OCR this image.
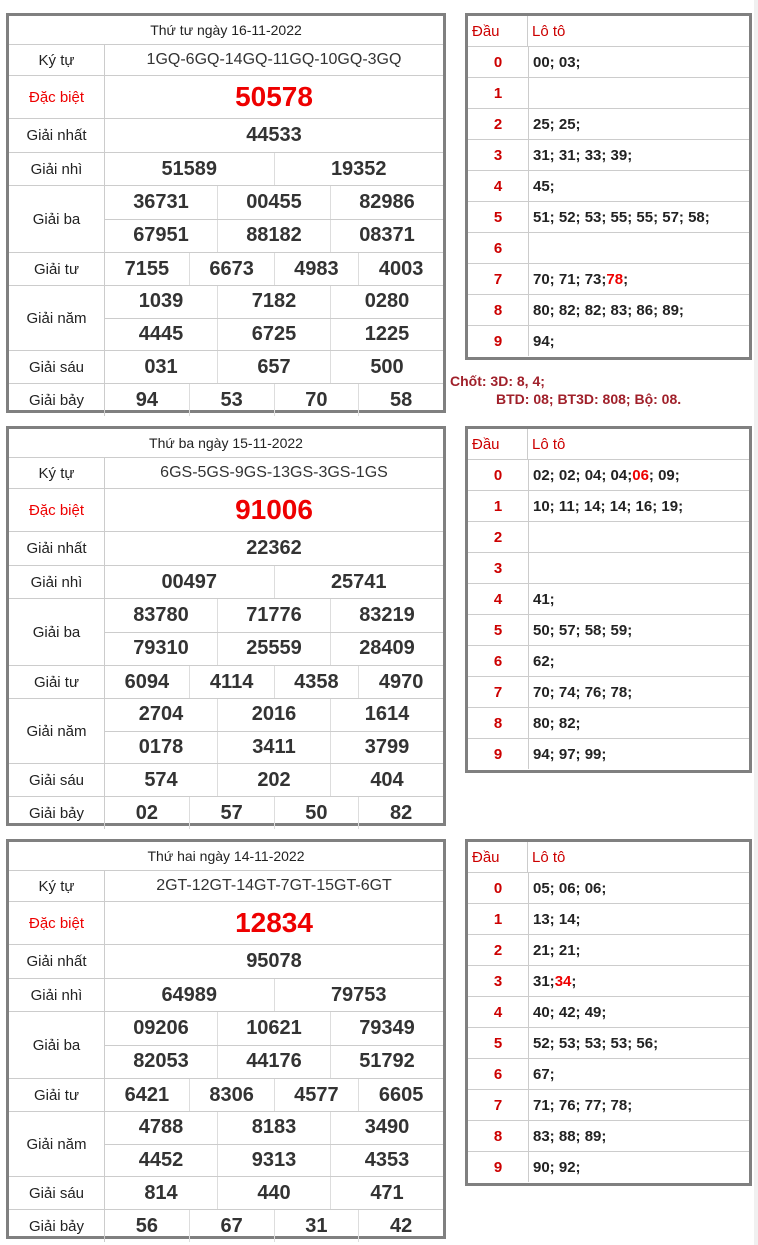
Thứ tư ngày 16-11-2022
Ký tự	1GQ-6GQ-14GQ-11GQ-10GQ-3GQ
Đặc biệt	50578
Giải nhất	44533
Giải nhì	51589	19352
Giải ba
36731	00455	82986
67951	88182	08371
Giải tư	7155	6673	4983	4003
Giải năm
1039	7182	0280
4445	6725	1225
Giải sáu	031	657	500
Giải bảy	94	53	70	58
Đầu	Lô tô
0	00; 03;
1
2	25; 25;
3	31; 31; 33; 39;
4	45;
5	51; 52; 53; 55; 55; 57; 58;
6
7	70; 71; 73; 78 ;
8	80; 82; 82; 83; 86; 89;
9	94;
Thứ ba ngày 15-11-2022
Ký tự	6GS-5GS-9GS-13GS-3GS-1GS
Đặc biệt	91006
Giải nhất	22362
Giải nhì	00497	25741
Giải ba
83780	71776	83219
79310	25559	28409
Giải tư	6094	4114	4358	4970
Giải năm
2704	2016	1614
0178	3411	3799
Giải sáu	574	202	404
Giải bảy	02	57	50	82
Đầu	Lô tô
0	02; 02; 04; 04; 06 ; 09;
1	10; 11; 14; 14; 16; 19;
2
3
4	41;
5	50; 57; 58; 59;
6	62;
7	70; 74; 76; 78;
8	80; 82;
9	94; 97; 99;
Thứ hai ngày 14-11-2022
Ký tự	2GT-12GT-14GT-7GT-15GT-6GT
Đặc biệt	12834
Giải nhất	95078
Giải nhì	64989	79753
Giải ba
09206	10621	79349
82053	44176	51792
Giải tư	6421	8306	4577	6605
Giải năm
4788	8183	3490
4452	9313	4353
Giải sáu	814	440	471
Giải bảy	56	67	31	42
Đầu	Lô tô
0	05; 06; 06;
1	13; 14;
2	21; 21;
3	31; 34 ;
4	40; 42; 49;
5	52; 53; 53; 53; 56;
6	67;
7	71; 76; 77; 78;
8	83; 88; 89;
9	90; 92;
Chốt: 3D: 8, 4;
BTD: 08; BT3D: 808; Bộ: 08.
